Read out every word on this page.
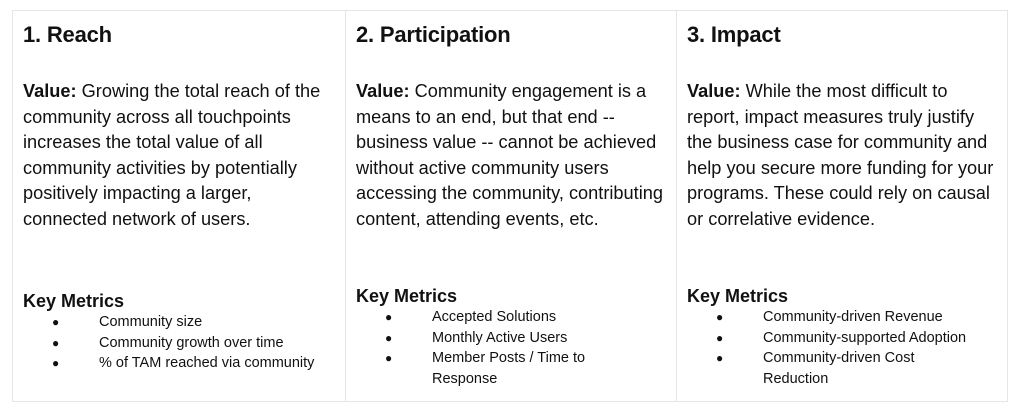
1. Reach

Value: Growing the total reach of the community across all touchpoints increases the total value of all community activities by potentially positively impacting a larger, connected network of users.

Key Metrics
●	Community size
●	Community growth over time
●	% of TAM reached via community
2. Participation

Value: Community engagement is a means to an end, but that end -- business value -- cannot be achieved without active community users accessing the community, contributing content, attending events, etc.

Key Metrics
●	Accepted Solutions
●	Monthly Active Users
●	Member Posts / Time to Response
3. Impact

Value: While the most difficult to report, impact measures truly justify the business case for community and help you secure more funding for your programs. These could rely on causal or correlative evidence.

Key Metrics
●	Community-driven Revenue
●	Community-supported Adoption
●	Community-driven Cost Reduction
